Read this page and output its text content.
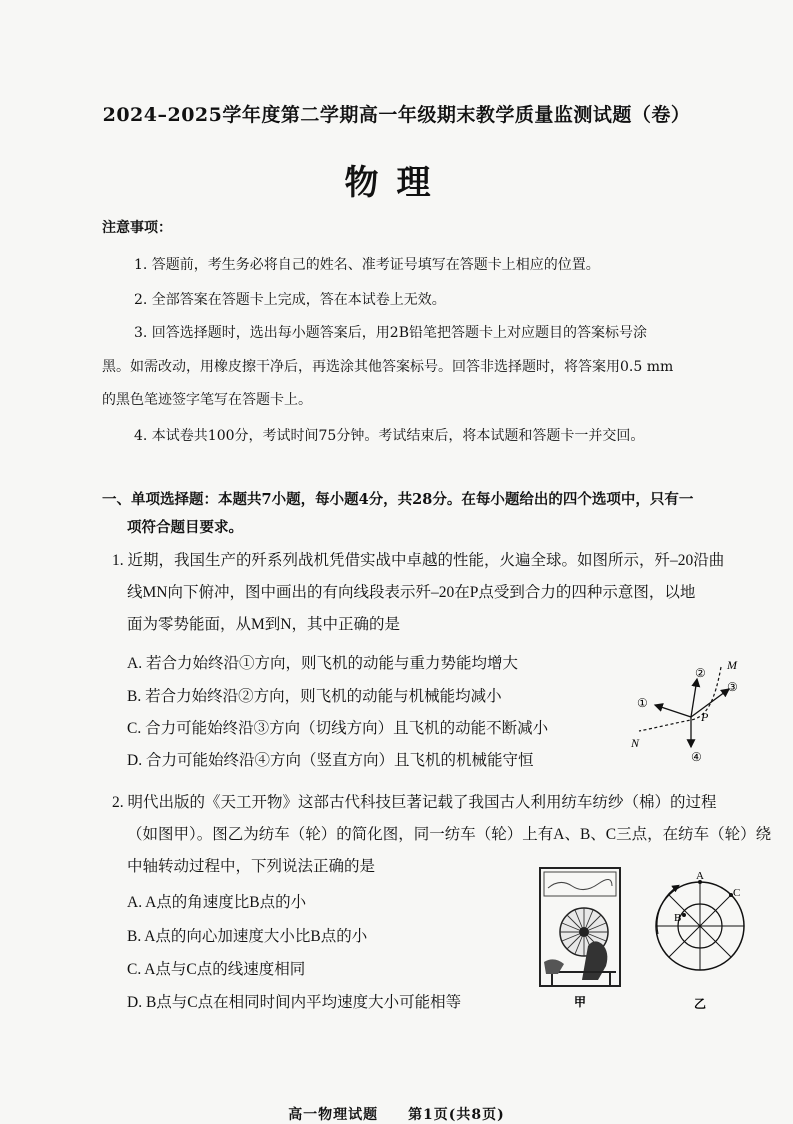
2024–2025学年度第二学期高一年级期末教学质量监测试题（卷）
物理
注意事项：
1. 答题前，考生务必将自己的姓名、准考证号填写在答题卡上相应的位置。
2. 全部答案在答题卡上完成，答在本试卷上无效。
3. 回答选择题时，选出每小题答案后，用2B铅笔把答题卡上对应题目的答案标号涂
黑。如需改动，用橡皮擦干净后，再选涂其他答案标号。回答非选择题时，将答案用0.5 mm
的黑色笔迹签字笔写在答题卡上。
4. 本试卷共100分，考试时间75分钟。考试结束后，将本试题和答题卡一并交回。
一、单项选择题：本题共7小题，每小题4分，共28分。在每小题给出的四个选项中，只有一
项符合题目要求。
1. 近期，我国生产的歼系列战机凭借实战中卓越的性能，火遍全球。如图所示，歼–20沿曲
线MN向下俯冲，图中画出的有向线段表示歼–20在P点受到合力的四种示意图，以地
面为零势能面，从M到N，其中正确的是
A. 若合力始终沿①方向，则飞机的动能与重力势能均增大
B. 若合力始终沿②方向，则飞机的动能与机械能均减小
C. 合力可能始终沿③方向（切线方向）且飞机的动能不断减小
D. 合力可能始终沿④方向（竖直方向）且飞机的机械能守恒
M
N
P
①
②
③
④
2. 明代出版的《天工开物》这部古代科技巨著记载了我国古人利用纺车纺纱（棉）的过程
（如图甲）。图乙为纺车（轮）的简化图，同一纺车（轮）上有A、B、C三点，在纺车（轮）绕
中轴转动过程中，下列说法正确的是
A. A点的角速度比B点的小
B. A点的向心加速度大小比B点的小
C. A点与C点的线速度相同
D. B点与C点在相同时间内平均速度大小可能相等	甲
A
C
B
乙
高一物理试题 第1页(共8页)
